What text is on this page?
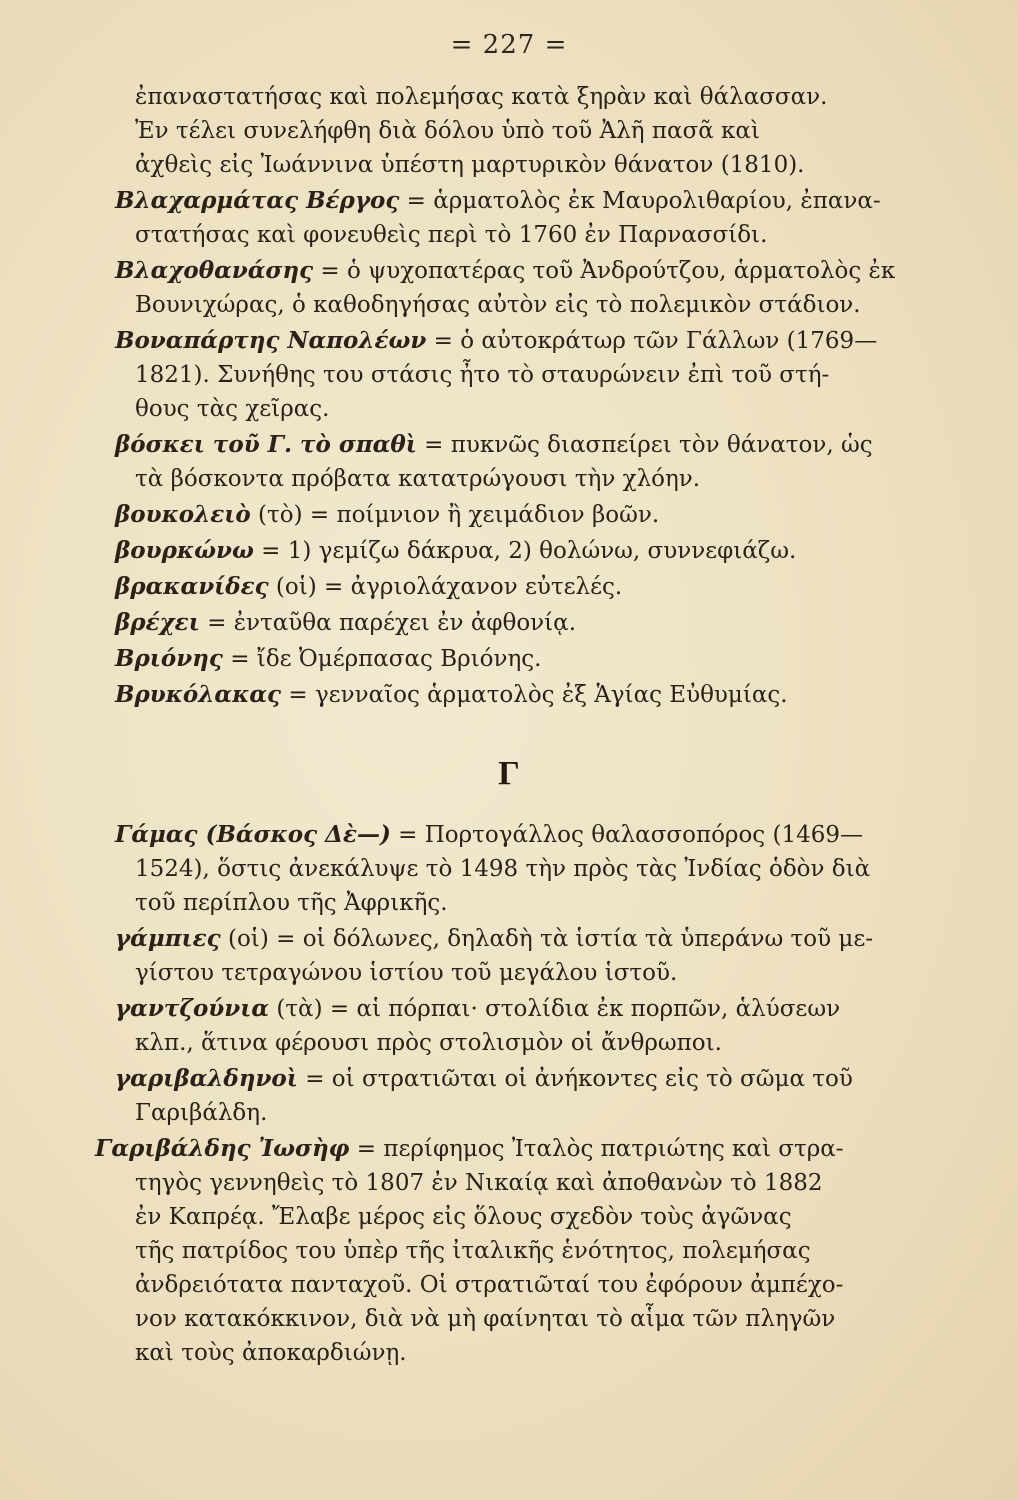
= 227 =
ἐπαναστατήσας καὶ πολεμήσας κατὰ ξηρὰν καὶ θάλασσαν.
Ἐν τέλει συνελήφθη διὰ δόλου ὑπὸ τοῦ Ἀλῆ πασᾶ καὶ
ἀχθεὶς εἰς Ἰωάννινα ὑπέστη μαρτυρικὸν θάνατον (1810).
Βλαχαρμάτας Βέργος = ἁρματολὸς ἐκ Μαυρολιθαρίου, ἐπανα-
στατήσας καὶ φονευθεὶς περὶ τὸ 1760 ἐν Παρνασσίδι.
Βλαχοθανάσης = ὁ ψυχοπατέρας τοῦ Ἀνδρούτζου, ἁρματολὸς ἐκ
Βουνιχώρας, ὁ καθοδηγήσας αὐτὸν εἰς τὸ πολεμικὸν στάδιον.
Βοναπάρτης Ναπολέων = ὁ αὐτοκράτωρ τῶν Γάλλων (1769—
1821). Συνήθης του στάσις ἦτο τὸ σταυρώνειν ἐπὶ τοῦ στή-
θους τὰς χεῖρας.
βόσκει τοῦ Γ. τὸ σπαθὶ = πυκνῶς διασπείρει τὸν θάνατον, ὡς
τὰ βόσκοντα πρόβατα κατατρώγουσι τὴν χλόην.
βουκολειὸ (τὸ) = ποίμνιον ἢ χειμάδιον βοῶν.
βουρκώνω = 1) γεμίζω δάκρυα, 2) θολώνω, συννεφιάζω.
βρακανίδες (οἱ) = ἀγριολάχανον εὐτελές.
βρέχει = ἐνταῦθα παρέχει ἐν ἀφθονίᾳ.
Βριόνης = ἴδε Ὀμέρπασας Βριόνης.
Βρυκόλακας = γενναῖος ἁρματολὸς ἐξ Ἁγίας Εὐθυμίας.
Γ
Γάμας (Βάσκος Δὲ—) = Πορτογάλλος θαλασσοπόρος (1469—
1524), ὅστις ἀνεκάλυψε τὸ 1498 τὴν πρὸς τὰς Ἰνδίας ὁδὸν διὰ
τοῦ περίπλου τῆς Ἀφρικῆς.
γάμπιες (οἱ) = οἱ δόλωνες, δηλαδὴ τὰ ἱστία τὰ ὑπεράνω τοῦ με-
γίστου τετραγώνου ἱστίου τοῦ μεγάλου ἱστοῦ.
γαντζούνια (τὰ) = αἱ πόρπαι· στολίδια ἐκ πορπῶν, ἁλύσεων
κλπ., ἅτινα φέρουσι πρὸς στολισμὸν οἱ ἄνθρωποι.
γαριβαλδηνοὶ = οἱ στρατιῶται οἱ ἀνήκοντες εἰς τὸ σῶμα τοῦ
Γαριβάλδη.
Γαριβάλδης Ἰωσὴφ = περίφημος Ἰταλὸς πατριώτης καὶ στρα-
τηγὸς γεννηθεὶς τὸ 1807 ἐν Νικαίᾳ καὶ ἀποθανὼν τὸ 1882
ἐν Καπρέᾳ. Ἔλαβε μέρος εἰς ὅλους σχεδὸν τοὺς ἀγῶνας
τῆς πατρίδος του ὑπὲρ τῆς ἰταλικῆς ἑνότητος, πολεμήσας
ἀνδρειότατα πανταχοῦ. Οἱ στρατιῶταί του ἐφόρουν ἀμπέχο-
νον κατακόκκινον, διὰ νὰ μὴ φαίνηται τὸ αἷμα τῶν πληγῶν
καὶ τοὺς ἀποκαρδιώνῃ.
